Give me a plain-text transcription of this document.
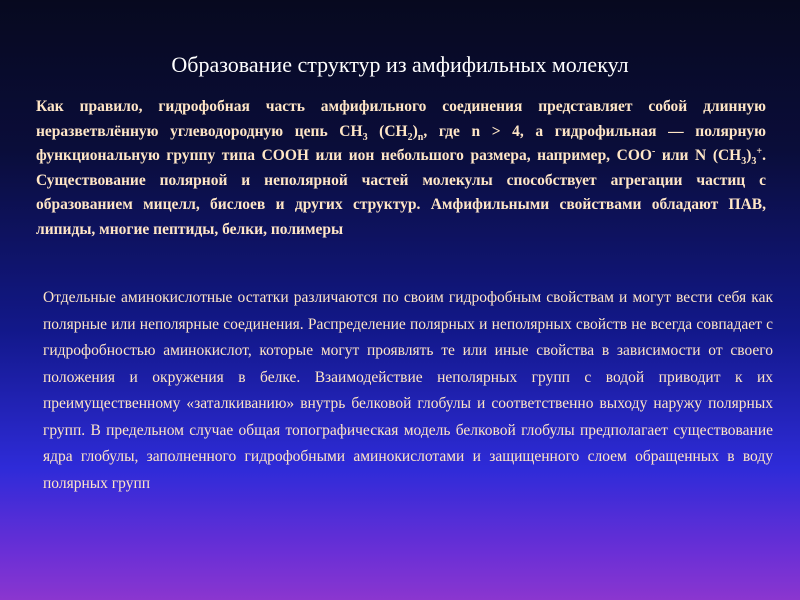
Образование структур из амфифильных молекул
Как правило, гидрофобная часть амфифильного соединения представляет собой длинную неразветвлённую углеводородную цепь $СН_3$ $(СН_2)_n$, где n > 4, а гидрофильная — полярную функциональную группу типа СООН или ион небольшого размера, например, СОО- или N $(CH_3)_3^+$. Существование полярной и неполярной частей молекулы способствует агрегации частиц с образованием мицелл, бислоев и других структур. Амфифильными свойствами обладают ПАВ, липиды, многие пептиды, белки, полимеры
Отдельные аминокислотные остатки различаются по своим гидрофобным свойствам и могут вести себя как полярные или неполярные соединения. Распределение полярных и неполярных свойств не всегда совпадает с гидрофобностью аминокислот, которые могут проявлять те или иные свойства в зависимости от своего положения и окружения в белке. Взаимодействие неполярных групп с водой приводит к их преимущественному «заталкиванию» внутрь белковой глобулы и соответственно выходу наружу полярных групп. В предельном случае общая топографическая модель белковой глобулы предполагает существование ядра глобулы, заполненного гидрофобными аминокислотами и защищенного слоем обращенных в воду полярных групп
